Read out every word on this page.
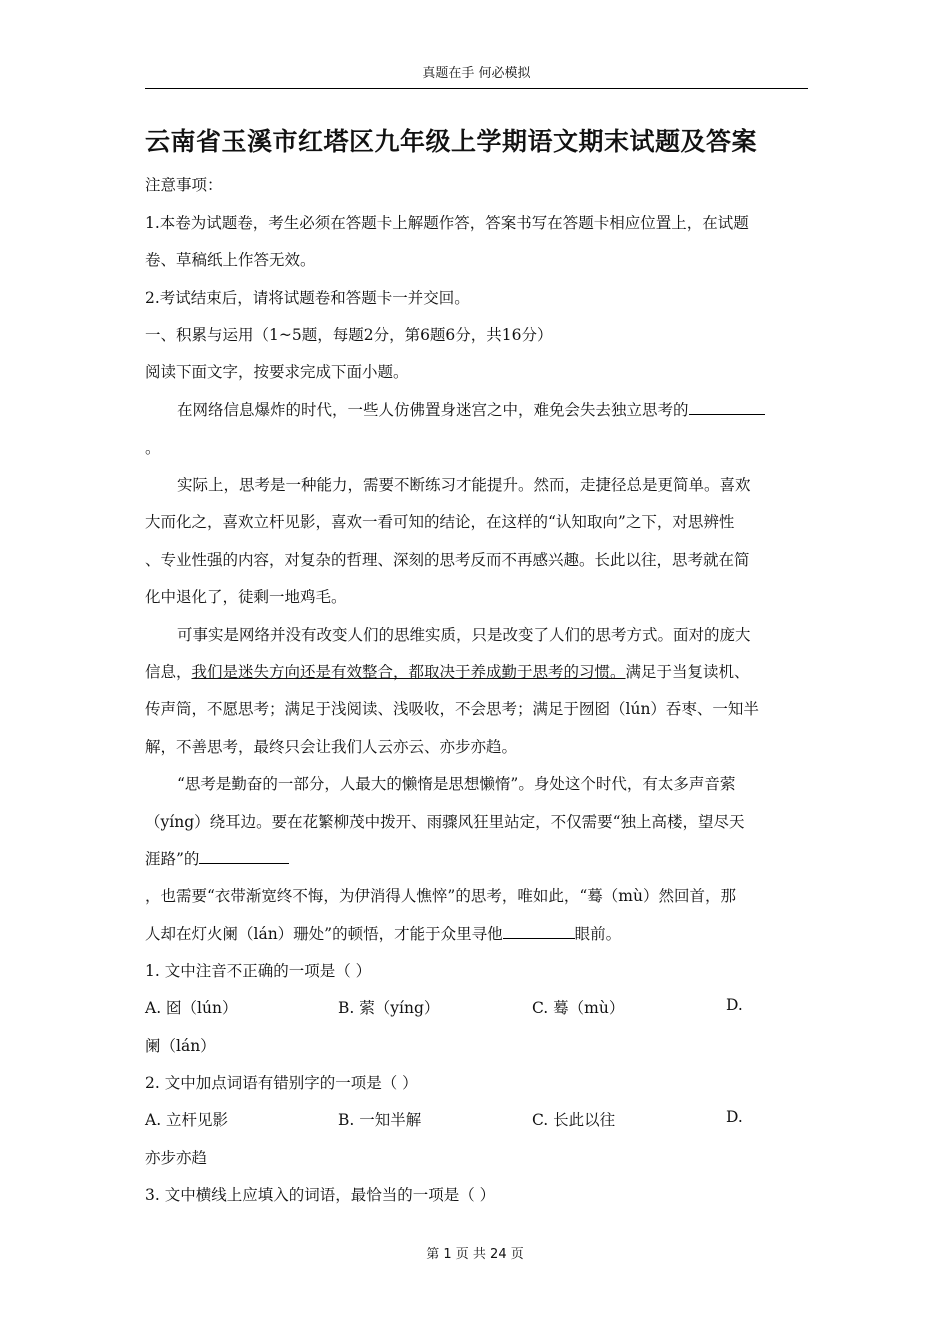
真题在手 何必模拟
云南省玉溪市红塔区九年级上学期语文期末试题及答案
注意事项：
1.本卷为试题卷，考生必须在答题卡上解题作答，答案书写在答题卡相应位置上，在试题
卷、草稿纸上作答无效。
2.考试结束后，请将试题卷和答题卡一并交回。
一、积累与运用（1~5题，每题2分，第6题6分，共16分）
阅读下面文字，按要求完成下面小题。
在网络信息爆炸的时代，一些人仿佛置身迷宫之中，难免会失去独立思考的
。
实际上，思考是一种能力，需要不断练习才能提升。然而，走捷径总是更简单。喜欢
大而化之，喜欢立杆见影，喜欢一看可知的结论，在这样的“认知取向”之下，对思辨性
、专业性强的内容，对复杂的哲理、深刻的思考反而不再感兴趣。长此以往，思考就在简
化中退化了，徒剩一地鸡毛。
可事实是网络并没有改变人们的思维实质，只是改变了人们的思考方式。面对的庞大
信息，我们是迷失方向还是有效整合，都取决于养成勤于思考的习惯。满足于当复读机、
传声筒，不愿思考；满足于浅阅读、浅吸收，不会思考；满足于囫囵（lún）吞枣、一知半
解，不善思考，最终只会让我们人云亦云、亦步亦趋。
“思考是勤奋的一部分，人最大的懒惰是思想懒惰”。身处这个时代，有太多声音萦
（yíng）绕耳边。要在花繁柳茂中拨开、雨骤风狂里站定，不仅需要“独上高楼，望尽天
涯路”的
，也需要“衣带渐宽终不悔，为伊消得人憔悴”的思考，唯如此，“蓦（mù）然回首，那
人却在灯火阑（lán）珊处”的顿悟，才能于众里寻他	眼前。
1. 文中注音不正确的一项是（ ）
A. 囵（lún）	B. 萦（yíng）	C. 蓦（mù）	D.
阑（lán）
2. 文中加点词语有错别字的一项是（ ）
A. 立杆见影	B. 一知半解	C. 长此以往	D.
亦步亦趋
3. 文中横线上应填入的词语，最恰当的一项是（ ）
第 1 页 共 24 页
